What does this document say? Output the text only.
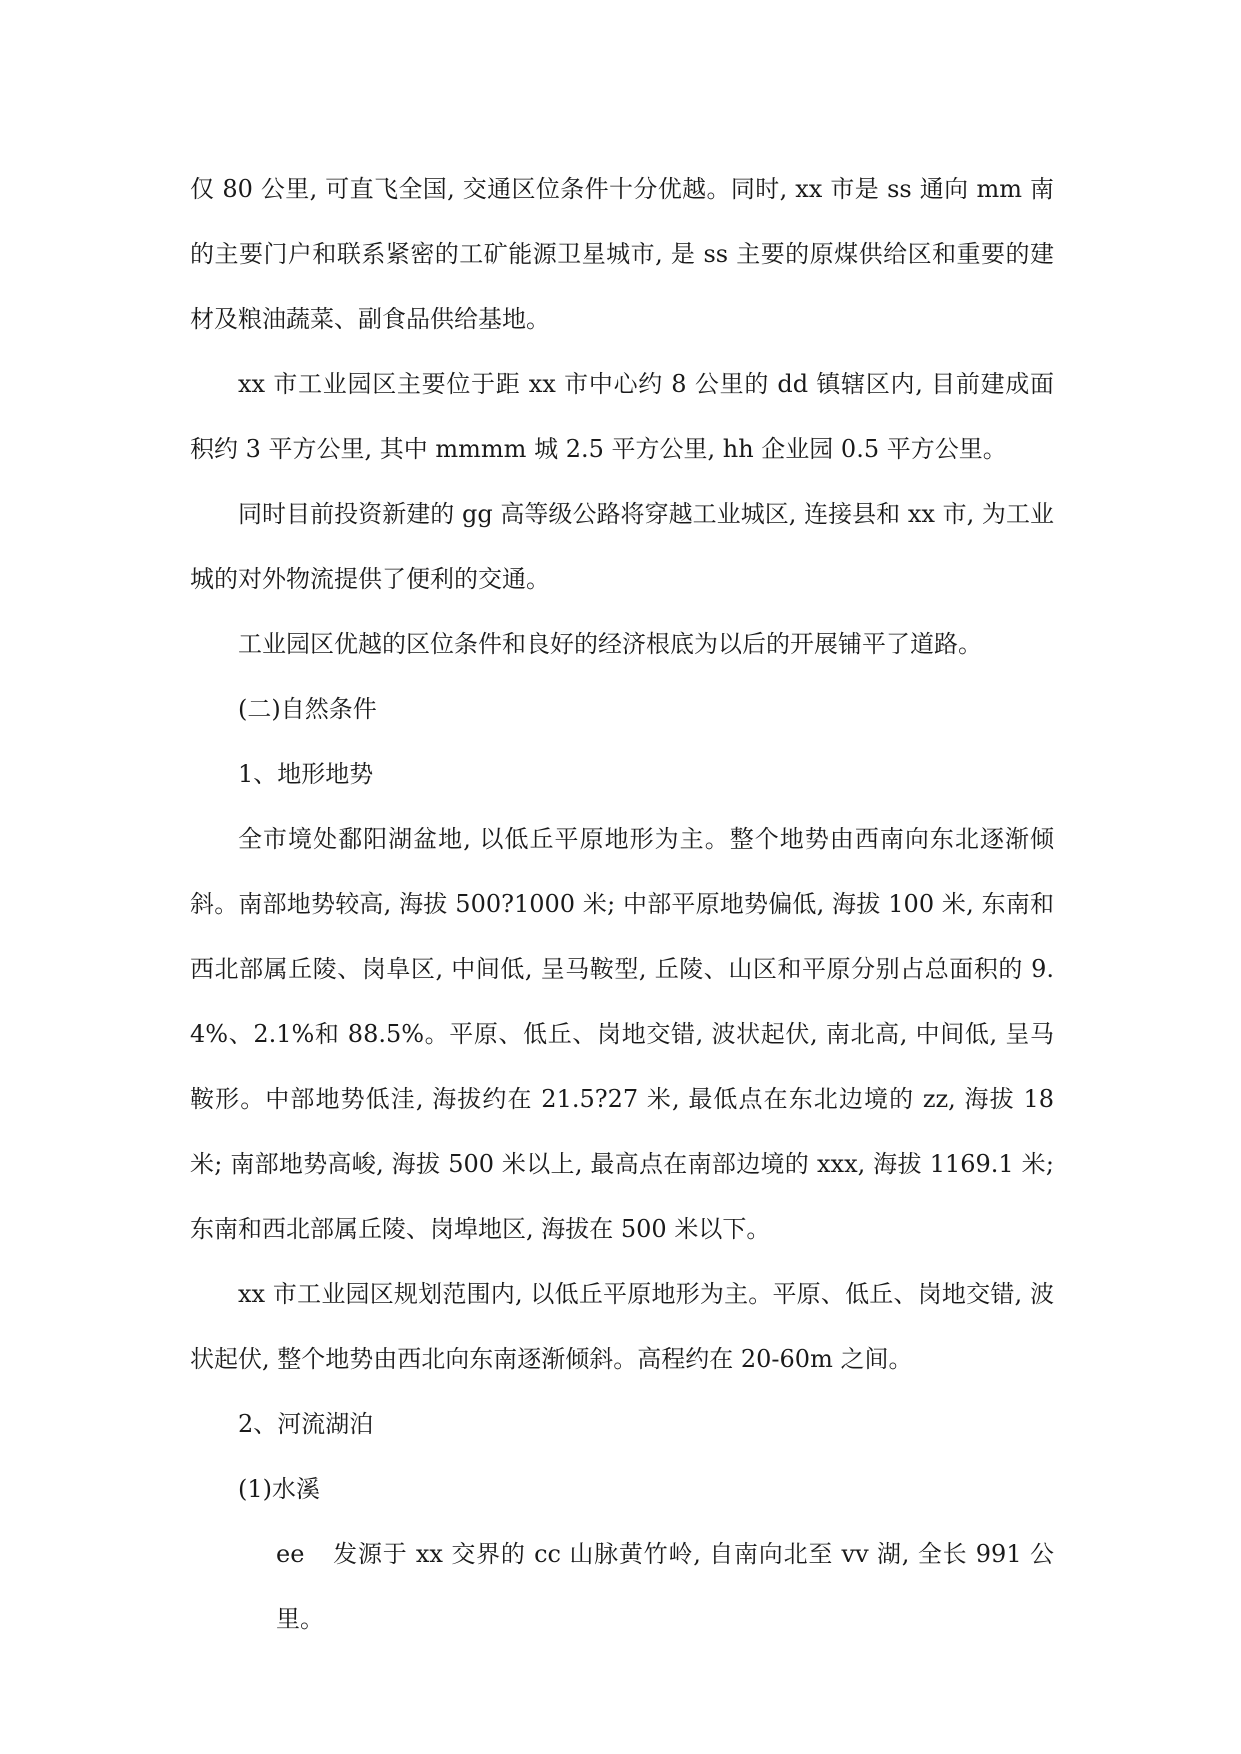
仅 80 公里, 可直飞全国, 交通区位条件十分优越。同时, xx 市是 ss 通向 mm 南的主要门户和联系紧密的工矿能源卫星城市, 是 ss 主要的原煤供给区和重要的建材及粮油蔬菜、副食品供给基地。

xx 市工业园区主要位于距 xx 市中心约 8 公里的 dd 镇辖区内, 目前建成面积约 3 平方公里, 其中 mmmm 城 2.5 平方公里, hh 企业园 0.5 平方公里。

同时目前投资新建的 gg 高等级公路将穿越工业城区, 连接县和 xx 市, 为工业城的对外物流提供了便利的交通。

工业园区优越的区位条件和良好的经济根底为以后的开展铺平了道路。

(二)自然条件

1、地形地势

全市境处鄱阳湖盆地, 以低丘平原地形为主。整个地势由西南向东北逐渐倾斜。南部地势较高, 海拔 500?1000 米; 中部平原地势偏低, 海拔 100 米, 东南和西北部属丘陵、岗阜区, 中间低, 呈马鞍型, 丘陵、山区和平原分别占总面积的 9.4%、2.1%和 88.5%。平原、低丘、岗地交错, 波状起伏, 南北高, 中间低, 呈马鞍形。中部地势低洼, 海拔约在 21.5?27 米, 最低点在东北边境的 zz, 海拔 18 米; 南部地势高峻, 海拔 500 米以上, 最高点在南部边境的 xxx, 海拔 1169.1 米; 东南和西北部属丘陵、岗埠地区, 海拔在 500 米以下。

xx 市工业园区规划范围内, 以低丘平原地形为主。平原、低丘、岗地交错, 波状起伏, 整个地势由西北向东南逐渐倾斜。高程约在 20-60m 之间。

2、河流湖泊

(1)水溪

ee 发源于 xx 交界的 cc 山脉黄竹岭, 自南向北至 vv 湖, 全长 991 公里。
